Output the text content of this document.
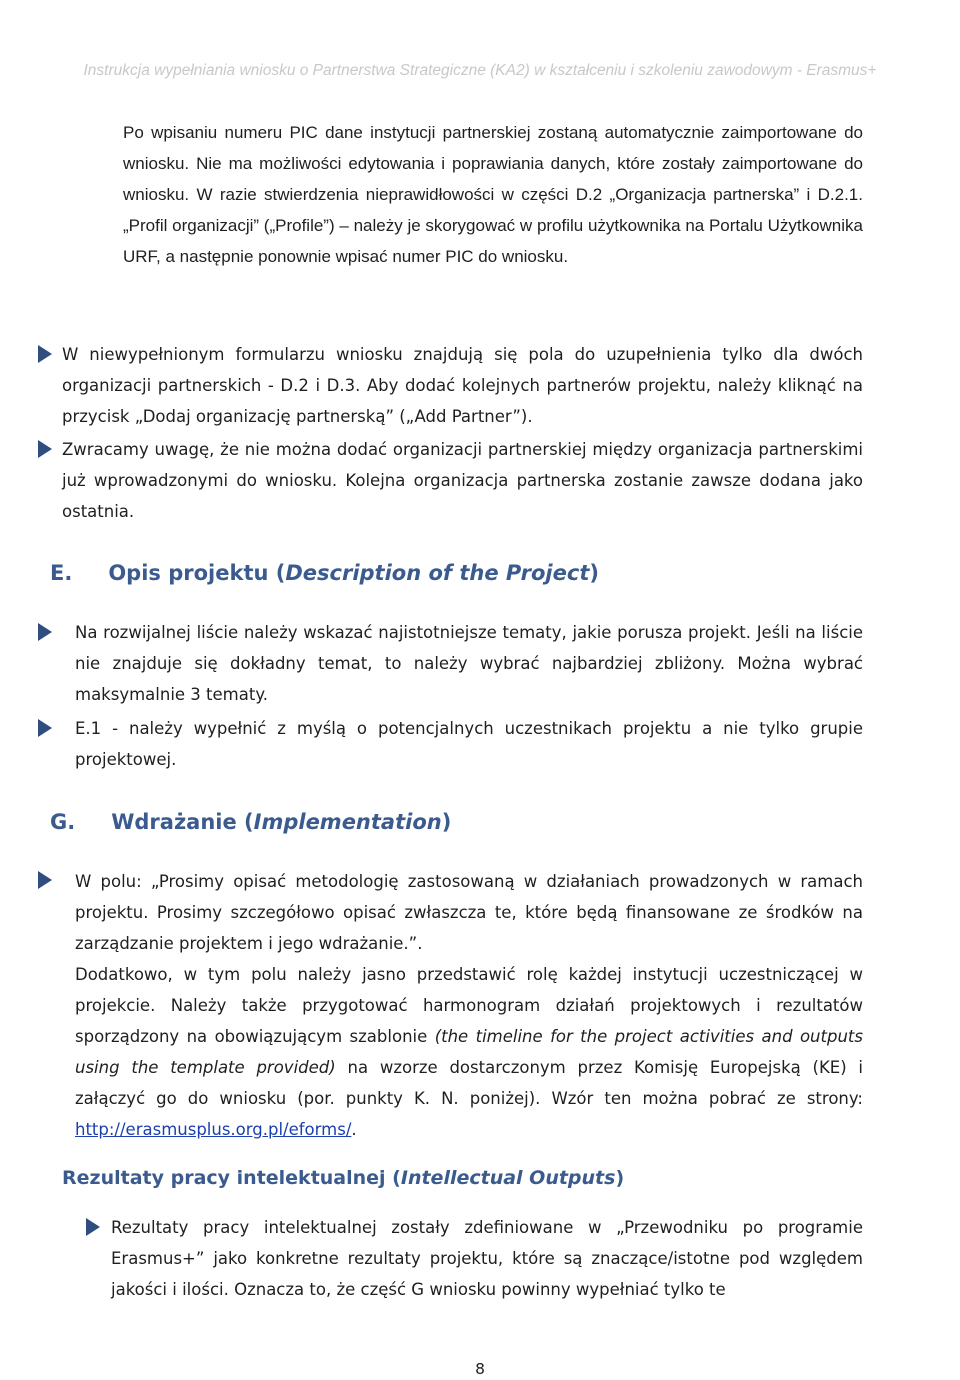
Instrukcja wypełniania wniosku o Partnerstwa Strategiczne (KA2) w kształceniu i szkoleniu zawodowym - Erasmus+
Po wpisaniu numeru PIC dane instytucji partnerskiej zostaną automatycznie zaimportowane do wniosku. Nie ma możliwości edytowania i poprawiania danych, które zostały zaimportowane do wniosku. W razie stwierdzenia nieprawidłowości w części D.2 „Organizacja partnerska” i D.2.1. „Profil organizacji” („Profile”) – należy je skorygować w profilu użytkownika na Portalu Użytkownika URF, a następnie ponownie wpisać numer PIC do wniosku.
W niewypełnionym formularzu wniosku znajdują się pola do uzupełnienia tylko dla dwóch organizacji partnerskich - D.2 i D.3. Aby dodać kolejnych partnerów projektu, należy kliknąć na przycisk „Dodaj organizację partnerską” („Add Partner”).
Zwracamy uwagę, że nie można dodać organizacji partnerskiej między organizacja partnerskimi już wprowadzonymi do wniosku. Kolejna organizacja partnerska zostanie zawsze dodana jako ostatnia.
E. Opis projektu (Description of the Project)
Na rozwijalnej liście należy wskazać najistotniejsze tematy, jakie porusza projekt. Jeśli na liście nie znajduje się dokładny temat, to należy wybrać najbardziej zbliżony. Można wybrać maksymalnie 3 tematy.
E.1 - należy wypełnić z myślą o potencjalnych uczestnikach projektu a nie tylko grupie projektowej.
G. Wdrażanie (Implementation)
W polu: „Prosimy opisać metodologię zastosowaną w działaniach prowadzonych w ramach projektu. Prosimy szczegółowo opisać zwłaszcza te, które będą finansowane ze środków na zarządzanie projektem i jego wdrażanie.”.
Dodatkowo, w tym polu należy jasno przedstawić rolę każdej instytucji uczestniczącej w projekcie. Należy także przygotować harmonogram działań projektowych i rezultatów sporządzony na obowiązującym szablonie (the timeline for the project activities and outputs using the template provided) na wzorze dostarczonym przez Komisję Europejską (KE) i załączyć go do wniosku (por. punkty K. N. poniżej). Wzór ten można pobrać ze strony: http://erasmusplus.org.pl/eforms/.
Rezultaty pracy intelektualnej (Intellectual Outputs)
Rezultaty pracy intelektualnej zostały zdefiniowane w „Przewodniku po programie Erasmus+” jako konkretne rezultaty projektu, które są znaczące/istotne pod względem jakości i ilości. Oznacza to, że część G wniosku powinny wypełniać tylko te
8
